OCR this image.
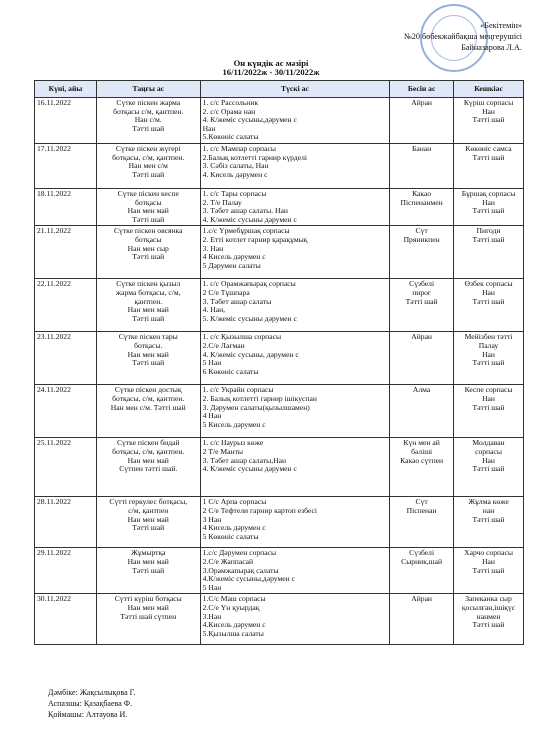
«Бекітемін»
№20 бөбекжайбақша меңгерушісі
Байназарова Л.А.
Он күндік ас мәзірі
16/11/2022ж - 30/11/2022ж
Күні, айы	Таңғы ас	Түскі ас	Бесін ас	Кешкіас
16.11.2022	Сүтке піскен жарма
ботқасы с/м, қантпен.
Нан с/м.
Тәтті шай	1. с/с Рассольник
2. с/с Орама нан
4. К/жеміс сусыны,дәрумен с
Нан
5.Көкөніс салаты	Айран	Күріш сорпасы
Нан
Тәтті шай

17.11.2022	Сүтке піскен жүгері
ботқасы, с/м, қантпен.
Нан мен с/м
Тәтті шай	1. с/с Мампар сорпасы
2.Балық котлетті гарнир күрделі
3. Сәбіз салаты, Нан
4. Кисель дәрумен с	Банан	Көкөніс самса
Тәтті шай

18.11.2022	Сүтке піскен кеспе
ботқасы
Нан мен май
Тәтті шай	1. с/с Тары сорпасы
2. Т/е Палау
3. Тәбет ашар салаты. Нан
4. К/жеміс сусыны дәрумен с	Какао
Піспенанмен	Бұршақ сорпасы
Нан
Тәтті шай

21.11.2022	Сүтке піскен овсянка
ботқасы
Нан мен сыр
Тәтті шай	1.с/с Үрмебұршақ сорпасы
2. Етті котлет гарнир қарақұмық
3. Нан
4 Кисель дәрумен с
5 Дәрумен салаты	Сүт
Пряникпен	Пигоди
Тәтті шай

22.11.2022	Сүтке піскен қызыл
жарма ботқасы, с/м,
қантпен.
Нан мен май
Тәтті шай	1. с/с Орамжапырақ сорпасы
2 С/е Тұшпара
3. Тәбет ашар салаты
4. Нан,
5. К/жеміс сусыны дәрумен с	Сүзбелі
пирог
Тәтті шай	Өзбек сорпасы
Нан
Тәтті шай

23.11.2022	Сүтке піскен тары
ботқасы.
Нан мен май
Тәтті шай	1. с/с Қызылша сорпасы
2.С/е Лағман
4. К/жеміс сусыны, дәрумен с
5 Нан
6 Көкөніс салаты	Айран	Мейізбен тәтті
Палау
Нан
Тәтті шай

24.11.2022	Сүтке піскен достық
ботқасы, с/м, қантпен.
Нан мен с/м. Тәтті шай	1. с/с Украйн сорпасы
2. Балық котлетті гарнир ішікуспан
3. Дәрумен салаты(қызылшамен)
4 Нан
5 Кисель дәрумен с	Алма	Кеспе сорпасы
Нан
Тәтті шай

25.11.2022	Сүтке піскен бидай
ботқасы, с/м, қантпен.
Нан мен май
Сүтпен тәтті шай.	1. с/с Наурыз көже
2 Т/е Манты
3. Тәбет ашар салаты,Нан
4. К/жеміс сусыны дәрумен с	Күн мен ай
бәліші
Какао сүтпен	Молдаван
сорпасы
Нан
Тәтті шай

28.11.2022	Сүтті геркулес ботқасы,
с/м, қантпен
Нан мен май
Тәтті шай	1 С/с Арпа сорпасы
2 С/е Тефтели гарнир картоп езбесі
3 Нан
4 Кисель дәрумен с
5 Көкөніс салаты	Сүт
Піспенан	Жұлма көже
нан
Тәтті шай

29.11.2022	Жұмыртқа
Нан мен май
Тәтті шай	1.с/с Дәрумен сорпасы
2.С/е Жаппасай
3.Орамжапырақ салаты
4.К/жеміс сусыны,дәрумен с
5 Нан	Сүзбелі
Сырник,шай	Харчо сорпасы
Нан
Тәтті шай

30.11.2022	Сүтті күріш ботқасы
Нан мен май
Тәтті шай сүтпен	1.С/с Маш сорпасы
2.С/е Үн қуырдақ
3.Нан
4.Кисель дәрумен с
5.Қызылша салаты	Айран	Запеканка сыр
қосылған,ішіқүс
нанмен
Тәтті шай
Дәмбіке: Жақсылықова Г.
Аспазшы: Қазақбаева Ф.
Қоймашы: Алтауова И.
